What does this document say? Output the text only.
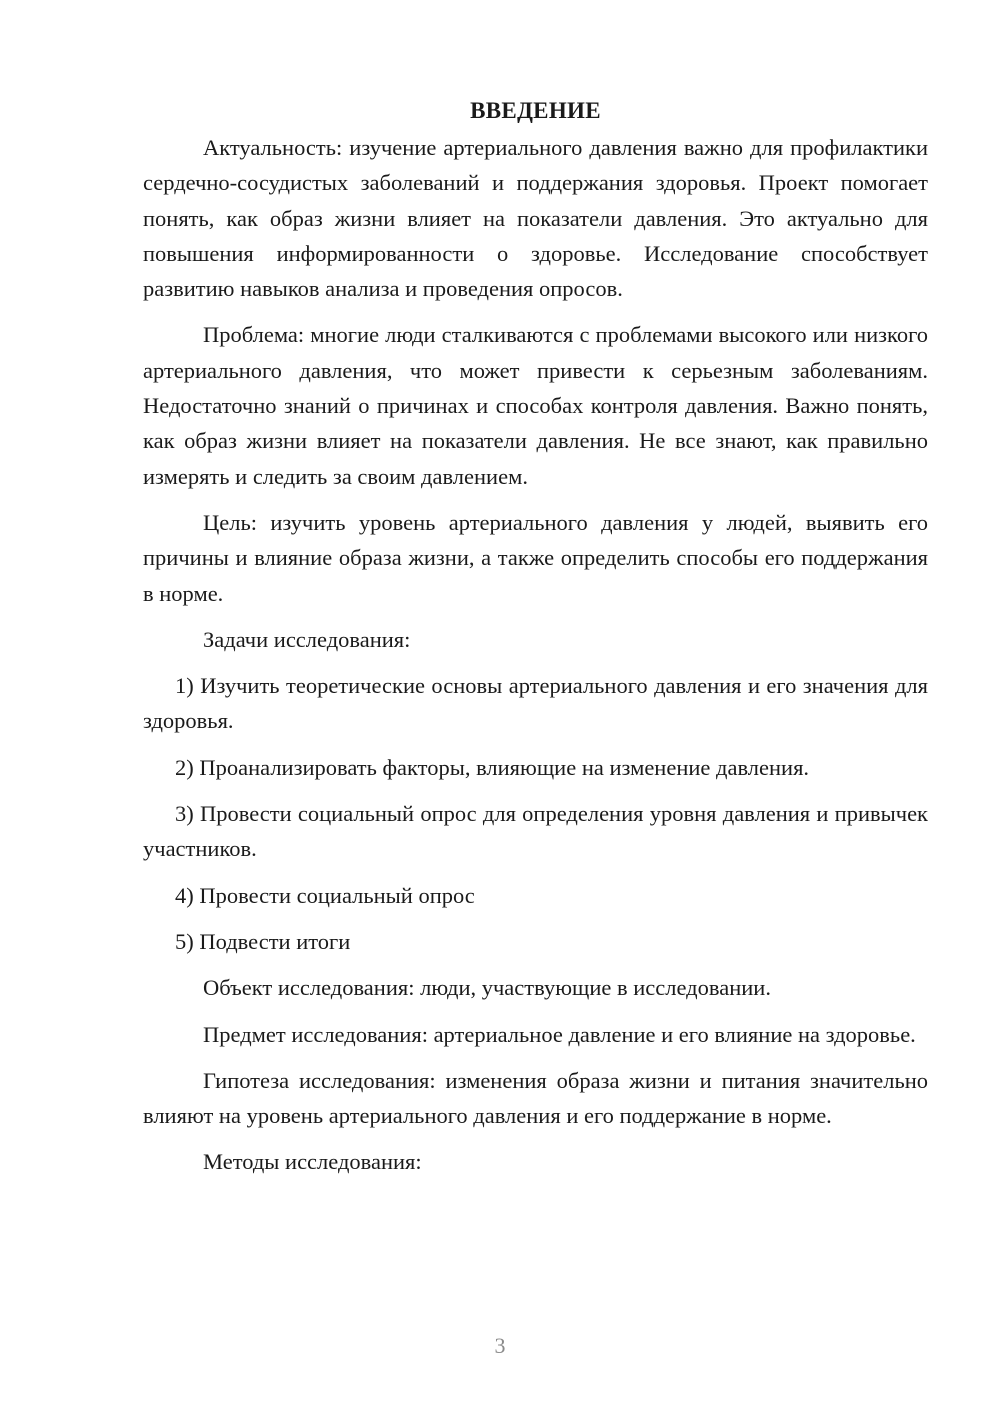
ВВЕДЕНИЕ

Актуальность: изучение артериального давления важно для профилактики сердечно-сосудистых заболеваний и поддержания здоровья. Проект помогает понять, как образ жизни влияет на показатели давления. Это актуально для повышения информированности о здоровье. Исследование способствует развитию навыков анализа и проведения опросов.

Проблема: многие люди сталкиваются с проблемами высокого или низкого артериального давления, что может привести к серьезным заболеваниям. Недостаточно знаний о причинах и способах контроля давления. Важно понять, как образ жизни влияет на показатели давления. Не все знают, как правильно измерять и следить за своим давлением.

Цель: изучить уровень артериального давления у людей, выявить его причины и влияние образа жизни, а также определить способы его поддержания в норме.

Задачи исследования:

1) Изучить теоретические основы артериального давления и его значения для здоровья.

2) Проанализировать факторы, влияющие на изменение давления.

3) Провести социальный опрос для определения уровня давления и привычек участников.

4) Провести социальный опрос

5) Подвести итоги

Объект исследования: люди, участвующие в исследовании.

Предмет исследования: артериальное давление и его влияние на здоровье.

Гипотеза исследования: изменения образа жизни и питания значительно влияют на уровень артериального давления и его поддержание в норме.

Методы исследования:

3
